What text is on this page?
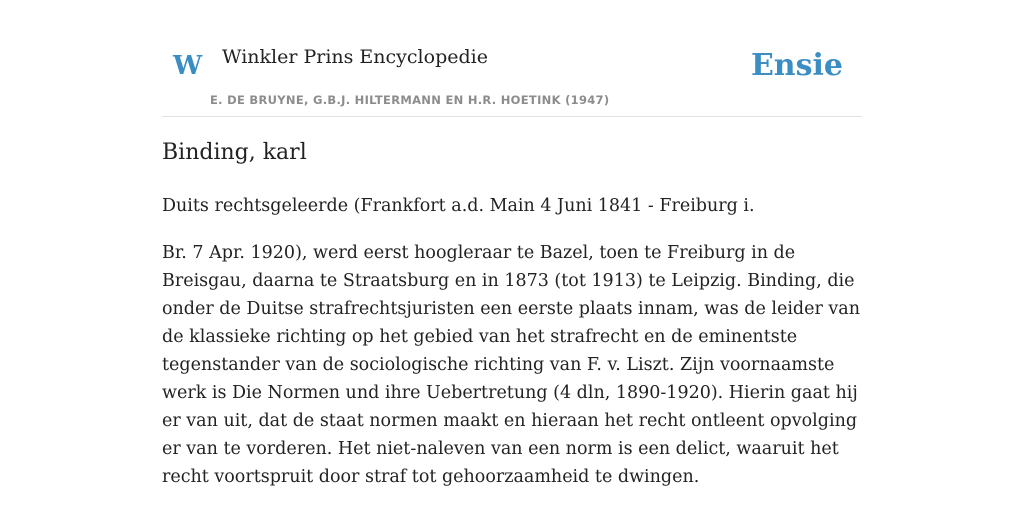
W Winkler Prins Encyclopedie
E. DE BRUYNE, G.B.J. HILTERMANN EN H.R. HOETINK (1947)
Ensie
Binding, karl

Duits rechtsgeleerde (Frankfort a.d. Main 4 Juni 1841 - Freiburg i.

Br. 7 Apr. 1920), werd eerst hoogleraar te Bazel, toen te Freiburg in de Breisgau, daarna te Straatsburg en in 1873 (tot 1913) te Leipzig. Binding, die onder de Duitse strafrechtsjuristen een eerste plaats innam, was de leider van de klassieke richting op het gebied van het strafrecht en de eminentste tegenstander van de sociologische richting van F. v. Liszt. Zijn voornaamste werk is Die Normen und ihre Uebertretung (4 dln, 1890-1920). Hierin gaat hij er van uit, dat de staat normen maakt en hieraan het recht ontleent opvolging er van te vorderen. Het niet-naleven van een norm is een delict, waaruit het recht voortspruit door straf tot gehoorzaamheid te dwingen.
